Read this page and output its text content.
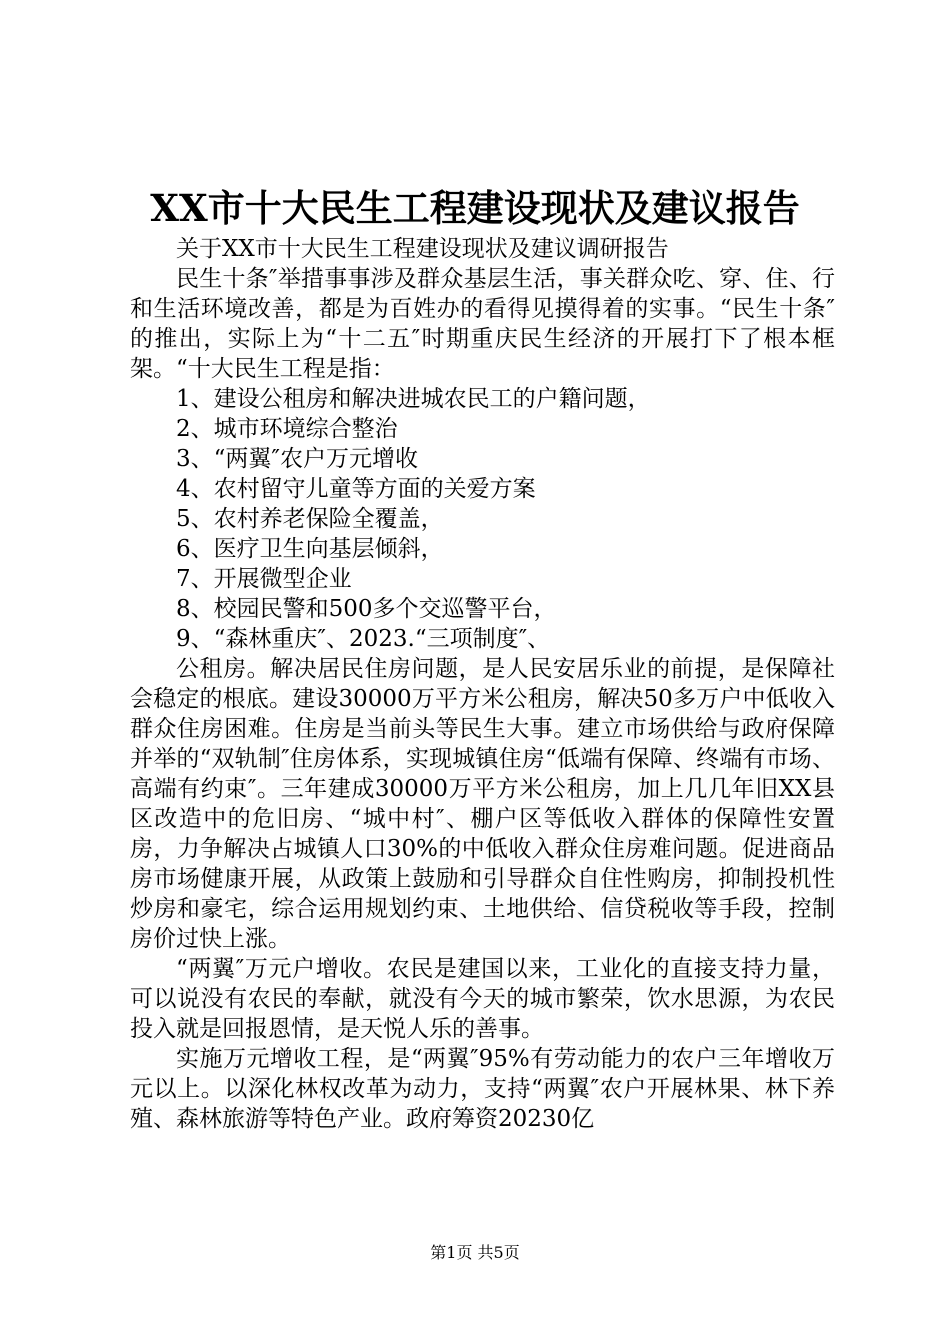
XX市十大民生工程建设现状及建议报告

关于XX市十大民生工程建设现状及建议调研报告

民生十条″举措事事涉及群众基层生活，事关群众吃、穿、住、行和生活环境改善，都是为百姓办的看得见摸得着的实事。“民生十条″的推出，实际上为“十二五″时期重庆民生经济的开展打下了根本框架。“十大民生工程是指：

1、建设公租房和解决进城农民工的户籍问题，

2、城市环境综合整治

3、“两翼″农户万元增收

4、农村留守儿童等方面的关爱方案

5、农村养老保险全覆盖，

6、医疗卫生向基层倾斜，

7、开展微型企业

8、校园民警和500多个交巡警平台，

9、“森林重庆″、2023.“三项制度″、

公租房。解决居民住房问题，是人民安居乐业的前提，是保障社会稳定的根底。建设30000万平方米公租房，解决50多万户中低收入群众住房困难。住房是当前头等民生大事。建立市场供给与政府保障并举的“双轨制″住房体系，实现城镇住房“低端有保障、终端有市场、高端有约束″。三年建成30000万平方米公租房，加上几几年旧XX县区改造中的危旧房、“城中村″、棚户区等低收入群体的保障性安置房，力争解决占城镇人口30%的中低收入群众住房难问题。促进商品房市场健康开展，从政策上鼓励和引导群众自住性购房，抑制投机性炒房和豪宅，综合运用规划约束、土地供给、信贷税收等手段，控制房价过快上涨。

“两翼″万元户增收。农民是建国以来，工业化的直接支持力量，可以说没有农民的奉献，就没有今天的城市繁荣，饮水思源，为农民投入就是回报恩情，是天悦人乐的善事。

实施万元增收工程，是“两翼″95%有劳动能力的农户三年增收万元以上。以深化林权改革为动力，支持“两翼″农户开展林果、林下养殖、森林旅游等特色产业。政府筹资20230亿

第1页 共5页
